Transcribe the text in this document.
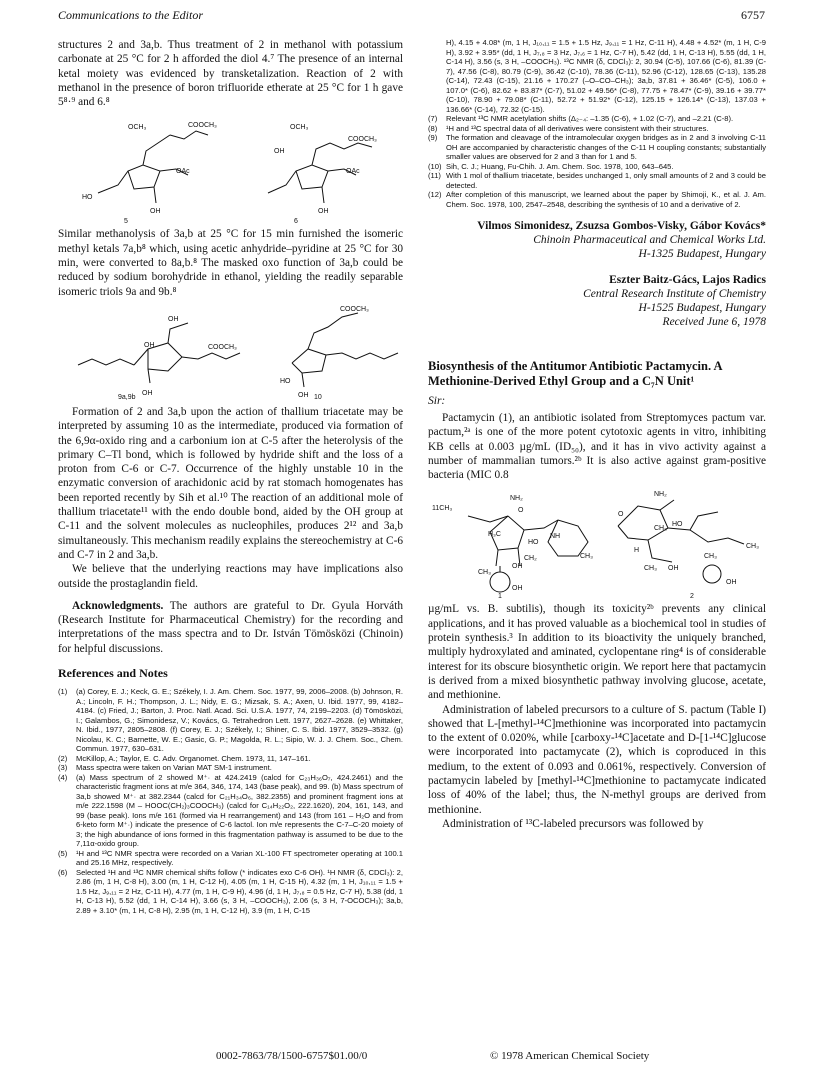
Communications to the Editor	6757

structures 2 and 3a,b. Thus treatment of 2 in methanol with potassium carbonate at 25 °C for 2 h afforded the diol 4.⁷ The presence of an internal ketal moiety was evidenced by transketalization. Reaction of 2 with methanol in the presence of boron trifluoride etherate at 25 °C for 1 h gave 5⁸·⁹ and 6.⁸

OCH₃	COOCH₃
OAc
HO
OH
OCH₃
OH
COOCH₃
OAc
OH
5	6

Similar methanolysis of 3a,b at 25 °C for 15 min furnished the isomeric methyl ketals 7a,b⁸ which, using acetic anhydride–pyridine at 25 °C for 30 min, were converted to 8a,b.⁸ The masked oxo function of 3a,b could be reduced by sodium borohydride in ethanol, yielding the readily separable isomeric triols 9a and 9b.⁸

OH
OH	COOCH₃
OH
COOCH₃
HO
OH
9a,9b	10

Formation of 2 and 3a,b upon the action of thallium triacetate may be interpreted by assuming 10 as the intermediate, produced via formation of the 6,9α-oxido ring and a carbonium ion at C-5 after the heterolysis of the primary C–Tl bond, which is followed by hydride shift and the loss of a proton from C-6 or C-7. Occurrence of the highly unstable 10 in the enzymatic conversion of arachidonic acid by rat stomach homogenates has been reported recently by Sih et al.¹⁰ The reaction of an additional mole of thallium triacetate¹¹ with the endo double bond, aided by the OH group at C-11 and the solvent molecules as nucleophiles, produces 2¹² and 3a,b simultaneously. This mechanism readily explains the stereochemistry at C-6 and C-7 in 2 and 3a,b.

We believe that the underlying reactions may have implications also outside the prostaglandin field.

Acknowledgments. The authors are grateful to Dr. Gyula Horváth (Research Institute for Pharmaceutical Chemistry) for the recording and interpretations of the mass spectra and to Dr. István Tömösközi (Chinoin) for helpful discussions.

References and Notes

(1)	(a) Corey, E. J.; Keck, G. E.; Székely, I. J. Am. Chem. Soc. 1977, 99, 2006–2008. (b) Johnson, R. A.; Lincoln, F. H.; Thompson, J. L.; Nidy, E. G.; Mizsak, S. A.; Axen, U. Ibid. 1977, 99, 4182–4184. (c) Fried, J.; Barton, J. Proc. Natl. Acad. Sci. U.S.A. 1977, 74, 2199–2203. (d) Tömösközi, I.; Galambos, G.; Simonidesz, V.; Kovács, G. Tetrahedron Lett. 1977, 2627–2628. (e) Whittaker, N. Ibid., 1977, 2805–2808. (f) Corey, E. J.; Székely, I.; Shiner, C. S. Ibid. 1977, 3529–3532. (g) Nicolau, K. C.; Barnette, W. E.; Gasic, G. P.; Magolda, R. L.; Sipio, W. J. J. Chem. Soc., Chem. Commun. 1977, 630–631.
(2)	McKillop, A.; Taylor, E. C. Adv. Organomet. Chem. 1973, 11, 147–161.
(3)	Mass spectra were taken on Varian MAT SM-1 instrument.
(4)	(a) Mass spectrum of 2 showed M⁺· at 424.2419 (calcd for C₂₃H₃₆O₇, 424.2461) and the characteristic fragment ions at m/e 364, 346, 174, 143 (base peak), and 99. (b) Mass spectrum of 3a,b showed M⁺· at 382.2344 (calcd for C₂₁H₃₄O₆, 382.2355) and prominent fragment ions at m/e 222.1598 (M – HOOC(CH₂)₃COOCH₃) (calcd for C₁₄H₂₂O₂, 222.1620), 204, 161, 143, and 99 (base peak). Ions m/e 161 (formed via H rearrangement) and 143 (from 161 – H₂O and from 6-keto form M⁺·) indicate the presence of C-6 lactol. Ion m/e represents the C-7–C-20 moiety of 3; the high abundance of ions formed in this fragmentation pathway is assumed to be due to the 7,11α-oxido group.
(5)	¹H and ¹³C NMR spectra were recorded on a Varian XL-100 FT spectrometer operating at 100.1 and 25.16 MHz, respectively.
(6)	Selected ¹H and ¹³C NMR chemical shifts follow (* indicates exo C-6 OH). ¹H NMR (δ, CDCl₃): 2, 2.86 (m, 1 H, C-8 H), 3.00 (m, 1 H, C-12 H), 4.05 (m, 1 H, C-15 H), 4.32 (m, 1 H, J₁₀,₁₁ = 1.5 + 1.5 Hz, J₉,₁₁ = 2 Hz, C-11 H), 4.77 (m, 1 H, C-9 H), 4.96 (d, 1 H, J₇,₈ = 0.5 Hz, C-7 H), 5.38 (dd, 1 H, C-13 H), 5.52 (dd, 1 H, C-14 H), 3.66 (s, 3 H, –COOCH₃), 2.06 (s, 3 H, 7-OCOCH₃); 3a,b, 2.89 + 3.10* (m, 1 H, C-8 H), 2.95 (m, 1 H, C-12 H), 3.9 (m, 1 H, C-15
H), 4.15 + 4.08* (m, 1 H, J₁₀,₁₁ = 1.5 + 1.5 Hz, J₉,₁₁ = 1 Hz, C-11 H), 4.48 + 4.52* (m, 1 H, C-9 H), 3.92 + 3.95* (dd, 1 H, J₇,₈ = 3 Hz, J₇,₆ = 1 Hz, C-7 H), 5.42 (dd, 1 H, C-13 H), 5.55 (dd, 1 H, C-14 H), 3.56 (s, 3 H, –COOCH₃). ¹³C NMR (δ, CDCl₃): 2, 30.94 (C-5), 107.66 (C-6), 81.39 (C-7), 47.56 (C-8), 80.79 (C-9), 36.42 (C-10), 78.36 (C-11), 52.96 (C-12), 128.65 (C-13), 135.28 (C-14), 72.43 (C-15), 21.16 + 170.27 (–O–CO–CH₃); 3a,b, 37.81 + 36.46* (C-5), 106.0 + 107.0* (C-6), 82.62 + 83.87* (C-7), 51.02 + 49.56* (C-8), 77.75 + 78.47* (C-9), 39.16 + 39.77* (C-10), 78.90 + 79.08* (C-11), 52.72 + 51.92* (C-12), 125.15 + 126.14* (C-13), 137.03 + 136.66* (C-14), 72.32 (C-15).
(7)	Relevant ¹³C NMR acetylation shifts (Δ₂₋₄: –1.35 (C-6), + 1.02 (C-7), and –2.21 (C-8).
(8)	¹H and ¹³C spectral data of all derivatives were consistent with their structures.
(9)	The formation and cleavage of the intramolecular oxygen bridges as in 2 and 3 involving C-11 OH are accompanied by characteristic changes of the C-11 H coupling constants; substantially smaller values are observed for 2 and 3 than for 1 and 5.
(10) Sih, C. J.; Huang, Fu-Chih. J. Am. Chem. Soc. 1978, 100, 643–645.
(11) With 1 mol of thallium triacetate, besides unchanged 1, only small amounts of 2 and 3 could be detected.
(12) After completion of this manuscript, we learned about the paper by Shimoji, K., et al. J. Am. Chem. Soc. 1978, 100, 2547–2548, describing the synthesis of 10 and a derivative of 2.
Vilmos Simonidesz, Zsuzsa Gombos-Visky, Gábor Kovács*
Chinoin Pharmaceutical and Chemical Works Ltd.
H-1325 Budapest, Hungary
Eszter Baitz-Gács, Lajos Radics
Central Research Institute of Chemistry
H-1525 Budapest, Hungary
Received June 6, 1978

Biosynthesis of the Antitumor Antibiotic Pactamycin. A Methionine-Derived Ethyl Group and a C₇N Unit¹

Sir:

Pactamycin (1), an antibiotic isolated from Streptomyces pactum var. pactum,²ᵃ is one of the more potent cytotoxic agents in vitro, inhibiting KB cells at 0.003 µg/mL (ID₅₀), and it has in vivo activity against a number of mammalian tumors.²ᵇ It is also active against gram-positive bacteria (MIC 0.8

11CH₃
NH₂
O
H₃C
HO
NH
CH₃
OH
CH₂
CH₃
OH
NH₂
O
CH₃
HO
CH₃
H
CH₃ OH
CH₃
OH
1	2

µg/mL vs. B. subtilis), though its toxicity²ᵇ prevents any clinical applications, and it has proved valuable as a biochemical tool in studies of protein synthesis.³ In addition to its bioactivity the uniquely branched, multiply hydroxylated and aminated, cyclopentane ring⁴ is of considerable interest for its obscure biosynthetic origin. We report here that pactamycin is derived from a mixed biosynthetic pathway involving glucose, acetate, and methionine.

Administration of labeled precursors to a culture of S. pactum (Table I) showed that L-[methyl-¹⁴C]methionine was incorporated into pactamycin to the extent of 0.020%, while [carboxy-¹⁴C]acetate and D-[1-¹⁴C]glucose were incorporated into pactamycate (2), which is coproduced in this medium, to the extent of 0.093 and 0.061%, respectively. Conversion of pactamycin labeled by [methyl-¹⁴C]methionine to pactamycate indicated loss of 40% of the label; thus, the N-methyl groups are derived from methionine.

Administration of ¹³C-labeled precursors was followed by

0002-7863/78/1500-6757$01.00/0	© 1978 American Chemical Society
